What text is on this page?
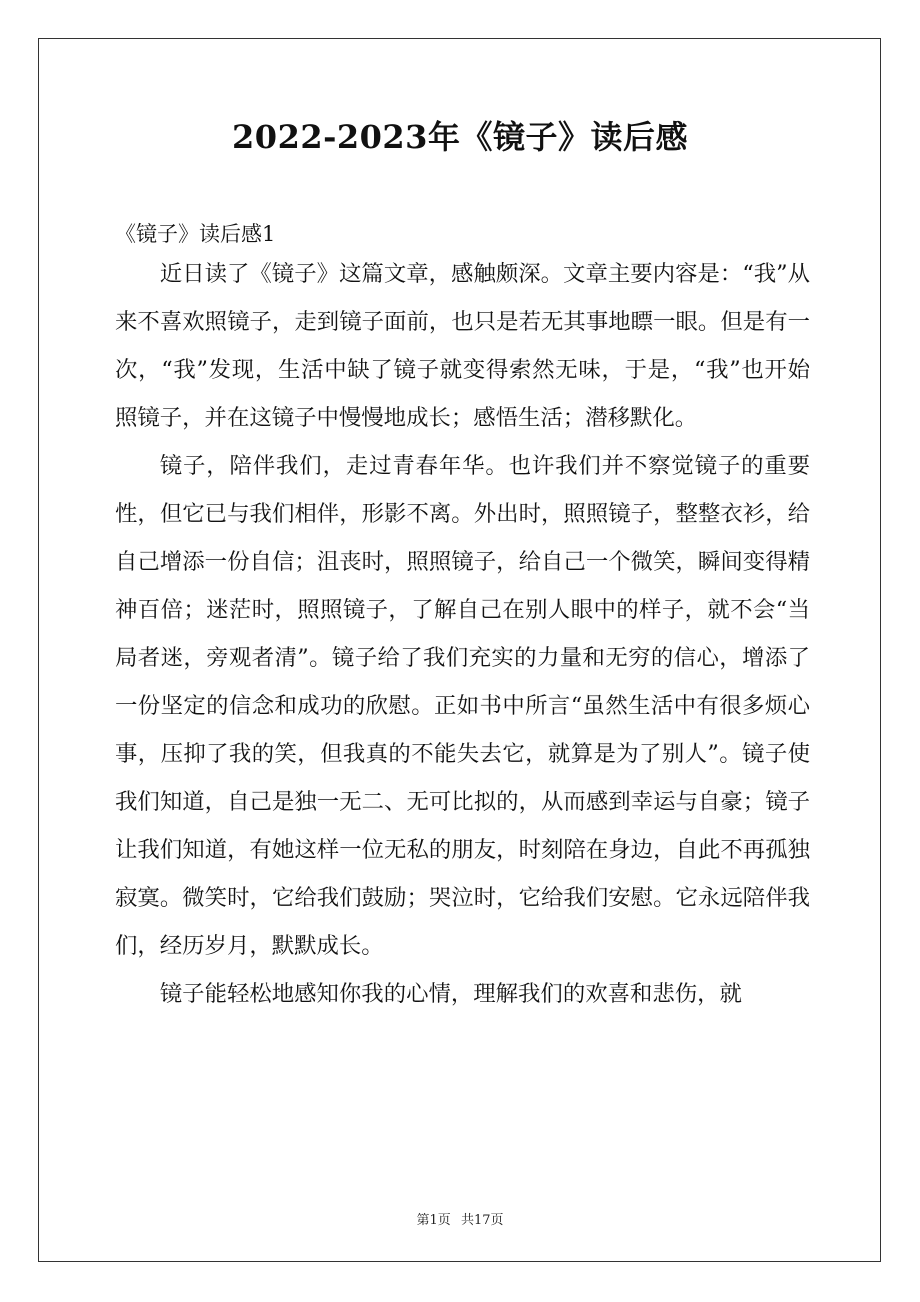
2022-2023年《镜子》读后感

《镜子》读后感1

近日读了《镜子》这篇文章，感触颇深。文章主要内容是：“我”从来不喜欢照镜子，走到镜子面前，也只是若无其事地瞟一眼。但是有一次，“我”发现，生活中缺了镜子就变得索然无味，于是，“我”也开始照镜子，并在这镜子中慢慢地成长；感悟生活；潜移默化。

镜子，陪伴我们，走过青春年华。也许我们并不察觉镜子的重要性，但它已与我们相伴，形影不离。外出时，照照镜子，整整衣衫，给自己增添一份自信；沮丧时，照照镜子，给自己一个微笑，瞬间变得精神百倍；迷茫时，照照镜子，了解自己在别人眼中的样子，就不会“当局者迷，旁观者清”。镜子给了我们充实的力量和无穷的信心，增添了一份坚定的信念和成功的欣慰。正如书中所言“虽然生活中有很多烦心事，压抑了我的笑，但我真的不能失去它，就算是为了别人”。镜子使我们知道，自己是独一无二、无可比拟的，从而感到幸运与自豪；镜子让我们知道，有她这样一位无私的朋友，时刻陪在身边，自此不再孤独寂寞。微笑时，它给我们鼓励；哭泣时，它给我们安慰。它永远陪伴我们，经历岁月，默默成长。

镜子能轻松地感知你我的心情，理解我们的欢喜和悲伤，就

第1页 共17页
